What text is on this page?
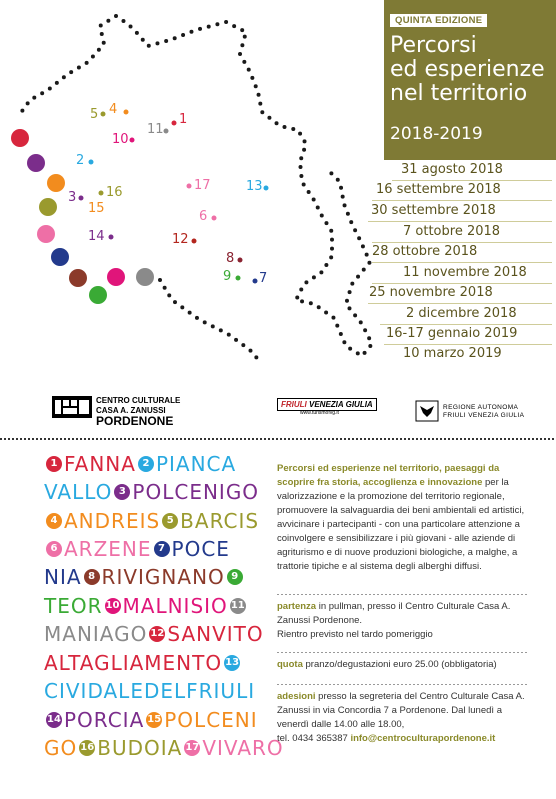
5 4
10
11
1
2
3 16
15
14
17	13
6
12
8
9 7
QUINTA EDIZIONE
Percorsi
ed esperienze
nel territorio
2018-2019
31 agosto 2018
16 settembre 2018
30 settembre 2018
7 ottobre 2018
28 ottobre 2018
11 novembre 2018
25 novembre 2018
2 dicembre 2018
16-17 gennaio 2019
10 marzo 2019
CENTRO CULTURALE
CASA A. ZANUSSI
PORDENONE
FRIULI VENEZIA GIULIA
www.turismofvg.it
REGIONE AUTONOMA
FRIULI VENEZIA GIULIA
1 FANNA 2 PIANCA
VALLO 3 POLCENIGO
4 ANDREIS 5 BARCIS
6 ARZENE 7 POCE
NIA 8 RIVIGNANO 9
TEOR 10 MALNISIO 11
MANIAGO 12 SANVITO
ALTAGLIAMENTO 13
CIVIDALEDELFRIULI
14 PORCIA 15 POLCENI
GO 16 BUDOIA 17 VIVARO
Percorsi ed esperienze nel territorio, paesaggi da scoprire fra storia, accoglienza e innovazione per la valorizzazione e la promozione del territorio regionale, promuovere la salvaguardia dei beni ambientali ed artistici, avvicinare i partecipanti - con una particolare attenzione a coinvolgere e sensibilizzare i più giovani - alle aziende di agriturismo e di nuove produzioni biologiche, a malghe, a trattorie tipiche e al sistema degli alberghi diffusi.
partenza in pullman, presso il Centro Culturale Casa A. Zanussi Pordenone.
Rientro previsto nel tardo pomeriggio
quota pranzo/degustazioni euro 25.00 (obbligatoria)
adesioni presso la segreteria del Centro Culturale Casa A. Zanussi in via Concordia 7 a Pordenone. Dal lunedì a venerdì dalle 14.00 alle 18.00,
tel. 0434 365387 info@centroculturapordenone.it
